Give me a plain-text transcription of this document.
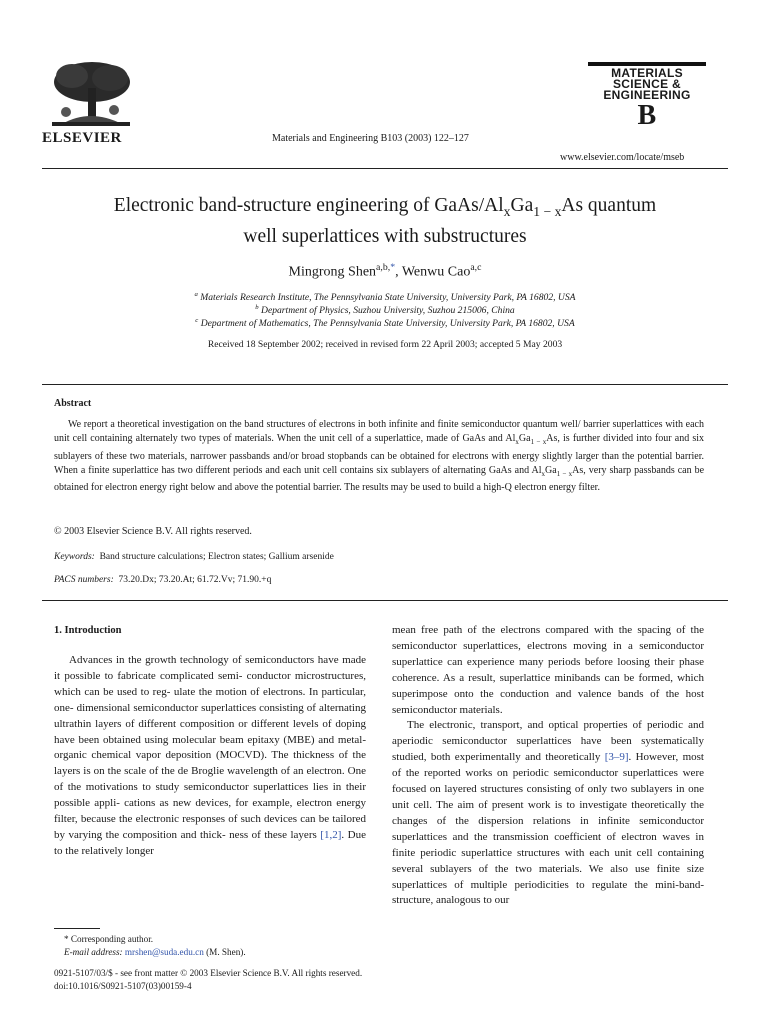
ELSEVIER	Materials and Engineering B103 (2003) 122–127
MATERIALS
SCIENCE &
ENGINEERING
B
www.elsevier.com/locate/mseb
Electronic band-structure engineering of GaAs/$Al_xGa_{1 - x}As$ quantum
well superlattices with substructures
Mingrong Shen$^{a,b,*}$, Wenwu Cao$^{a,c}$
$^a$ Materials Research Institute, The Pennsylvania State University, University Park, PA 16802, USA
$^b$ Department of Physics, Suzhou University, Suzhou 215006, China
$^c$ Department of Mathematics, The Pennsylvania State University, University Park, PA 16802, USA
Received 18 September 2002; received in revised form 22 April 2003; accepted 5 May 2003
Abstract
We report a theoretical investigation on the band structures of electrons in both infinite and finite semiconductor quantum well/ barrier superlattices with each unit cell containing alternately two types of materials. When the unit cell of a superlattice, made of GaAs and $Al_xGa_{1 - x}As$, is further divided into four and six sublayers of these two materials, narrower passbands and/or broad stopbands can be obtained for electrons with energy slightly larger than the potential barrier. When a finite superlattice has two different periods and each unit cell contains six sublayers of alternating GaAs and $Al_xGa_{1 - x}As$, very sharp passbands can be obtained for electron energy right below and above the potential barrier. The results may be used to build a high-Q electron energy filter.
© 2003 Elsevier Science B.V. All rights reserved.
Keywords: Band structure calculations; Electron states; Gallium arsenide
PACS numbers: 73.20.Dx; 73.20.At; 61.72.Vv; 71.90.+q
1. Introduction

Advances in the growth technology of semiconductors have made it possible to fabricate complicated semi- conductor microstructures, which can be used to reg- ulate the motion of electrons. In particular, one- dimensional semiconductor superlattices consisting of alternating ultrathin layers of different composition or different levels of doping have been obtained using molecular beam epitaxy (MBE) and metal-organic chemical vapor deposition (MOCVD). The thickness of the layers is on the scale of the de Broglie wavelength of an electron. One of the motivations to study semiconductor superlattices lies in their possible appli- cations as new devices, for example, electron energy filter, because the electronic responses of such devices can be tailored by varying the composition and thick- ness of these layers [1,2]. Due to the relatively longer

mean free path of the electrons compared with the spacing of the semiconductor superlattices, electrons moving in a semiconductor superlattice can experience many periods before loosing their phase coherence. As a result, superlattice minibands can be formed, which superimpose onto the conduction and valence bands of the host semiconductor materials.

The electronic, transport, and optical properties of periodic and aperiodic semiconductor superlattices have been systematically studied, both experimentally and theoretically [3–9]. However, most of the reported works on periodic semiconductor superlattices were focused on layered structures consisting of only two sublayers in one unit cell. The aim of present work is to investigate theoretically the changes of the dispersion relations in infinite semiconductor superlattices and the transmission coefficient of electron waves in finite periodic superlattice structures with each unit cell containing several sublayers of the two materials. We also use finite size superlattices of multiple periodicities to regulate the mini-band-structure, analogous to our

* Corresponding author.
E-mail address: mrshen@suda.edu.cn (M. Shen).
0921-5107/03/$ - see front matter © 2003 Elsevier Science B.V. All rights reserved.
doi:10.1016/S0921-5107(03)00159-4
